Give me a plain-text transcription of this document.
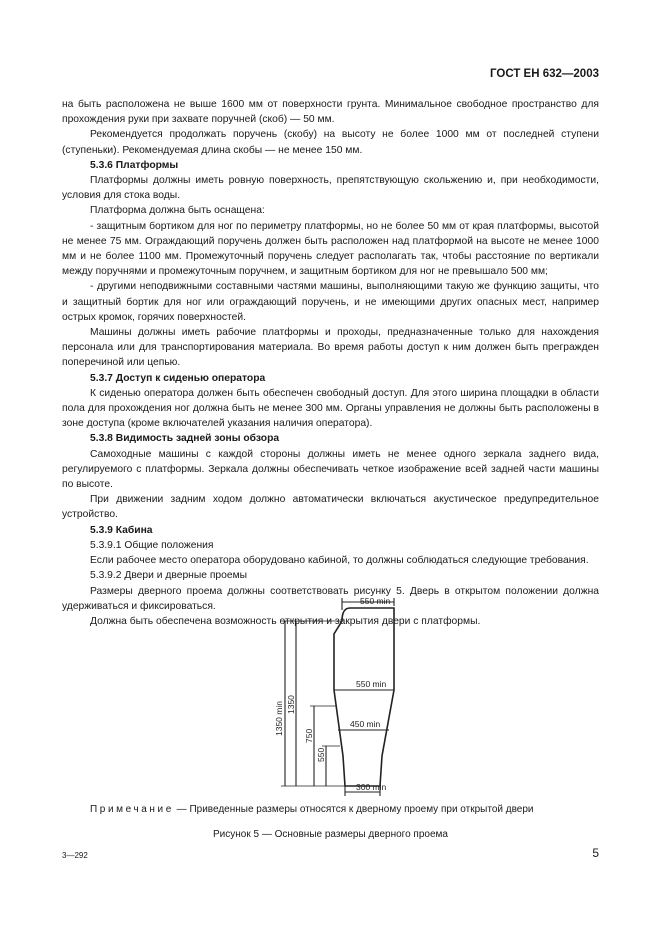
ГОСТ ЕН 632—2003

на быть расположена не выше 1600 мм от поверхности грунта. Минимальное свободное пространство для прохождения руки при захвате поручней (скоб) — 50 мм.

Рекомендуется продолжать поручень (скобу) на высоту не более 1000 мм от последней ступени (ступеньки). Рекомендуемая длина скобы — не менее 150 мм.

5.3.6 Платформы

Платформы должны иметь ровную поверхность, препятствующую скольжению и, при необходимости, условия для стока воды.

Платформа должна быть оснащена:

- защитным бортиком для ног по периметру платформы, но не более 50 мм от края платформы, высотой не менее 75 мм. Ограждающий поручень должен быть расположен над платформой на высоте не менее 1000 мм и не более 1100 мм. Промежуточный поручень следует располагать так, чтобы расстояние по вертикали между поручнями и промежуточным поручнем, и защитным бортиком для ног не превышало 500 мм;

- другими неподвижными составными частями машины, выполняющими такую же функцию защиты, что и защитный бортик для ног или ограждающий поручень, и не имеющими других опасных мест, например острых кромок, горячих поверхностей.

Машины должны иметь рабочие платформы и проходы, предназначенные только для нахождения персонала или для транспортирования материала. Во время работы доступ к ним должен быть прегражден поперечиной или цепью.

5.3.7 Доступ к сиденью оператора

К сиденью оператора должен быть обеспечен свободный доступ. Для этого ширина площадки в области пола для прохождения ног должна быть не менее 300 мм. Органы управления не должны быть расположены в зоне доступа (кроме включателей указания наличия оператора).

5.3.8 Видимость задней зоны обзора

Самоходные машины с каждой стороны должны иметь не менее одного зеркала заднего вида, регулируемого с платформы. Зеркала должны обеспечивать четкое изображение всей задней части машины по высоте.

При движении задним ходом должно автоматически включаться акустическое предупредительное устройство.

5.3.9 Кабина

5.3.9.1 Общие положения

Если рабочее место оператора оборудовано кабиной, то должны соблюдаться следующие требования.

5.3.9.2 Двери и дверные проемы

Размеры дверного проема должны соответствовать рисунку 5. Дверь в открытом положении должна удерживаться и фиксироваться.

Должна быть обеспечена возможность открытия и закрытия двери с платформы.

550 min
550 min
450 min
300 min
1350 min 1350
750
550
Примечание — Приведенные размеры относятся к дверному проему при открытой двери
Рисунок 5 — Основные размеры дверного проема
3—292	5
